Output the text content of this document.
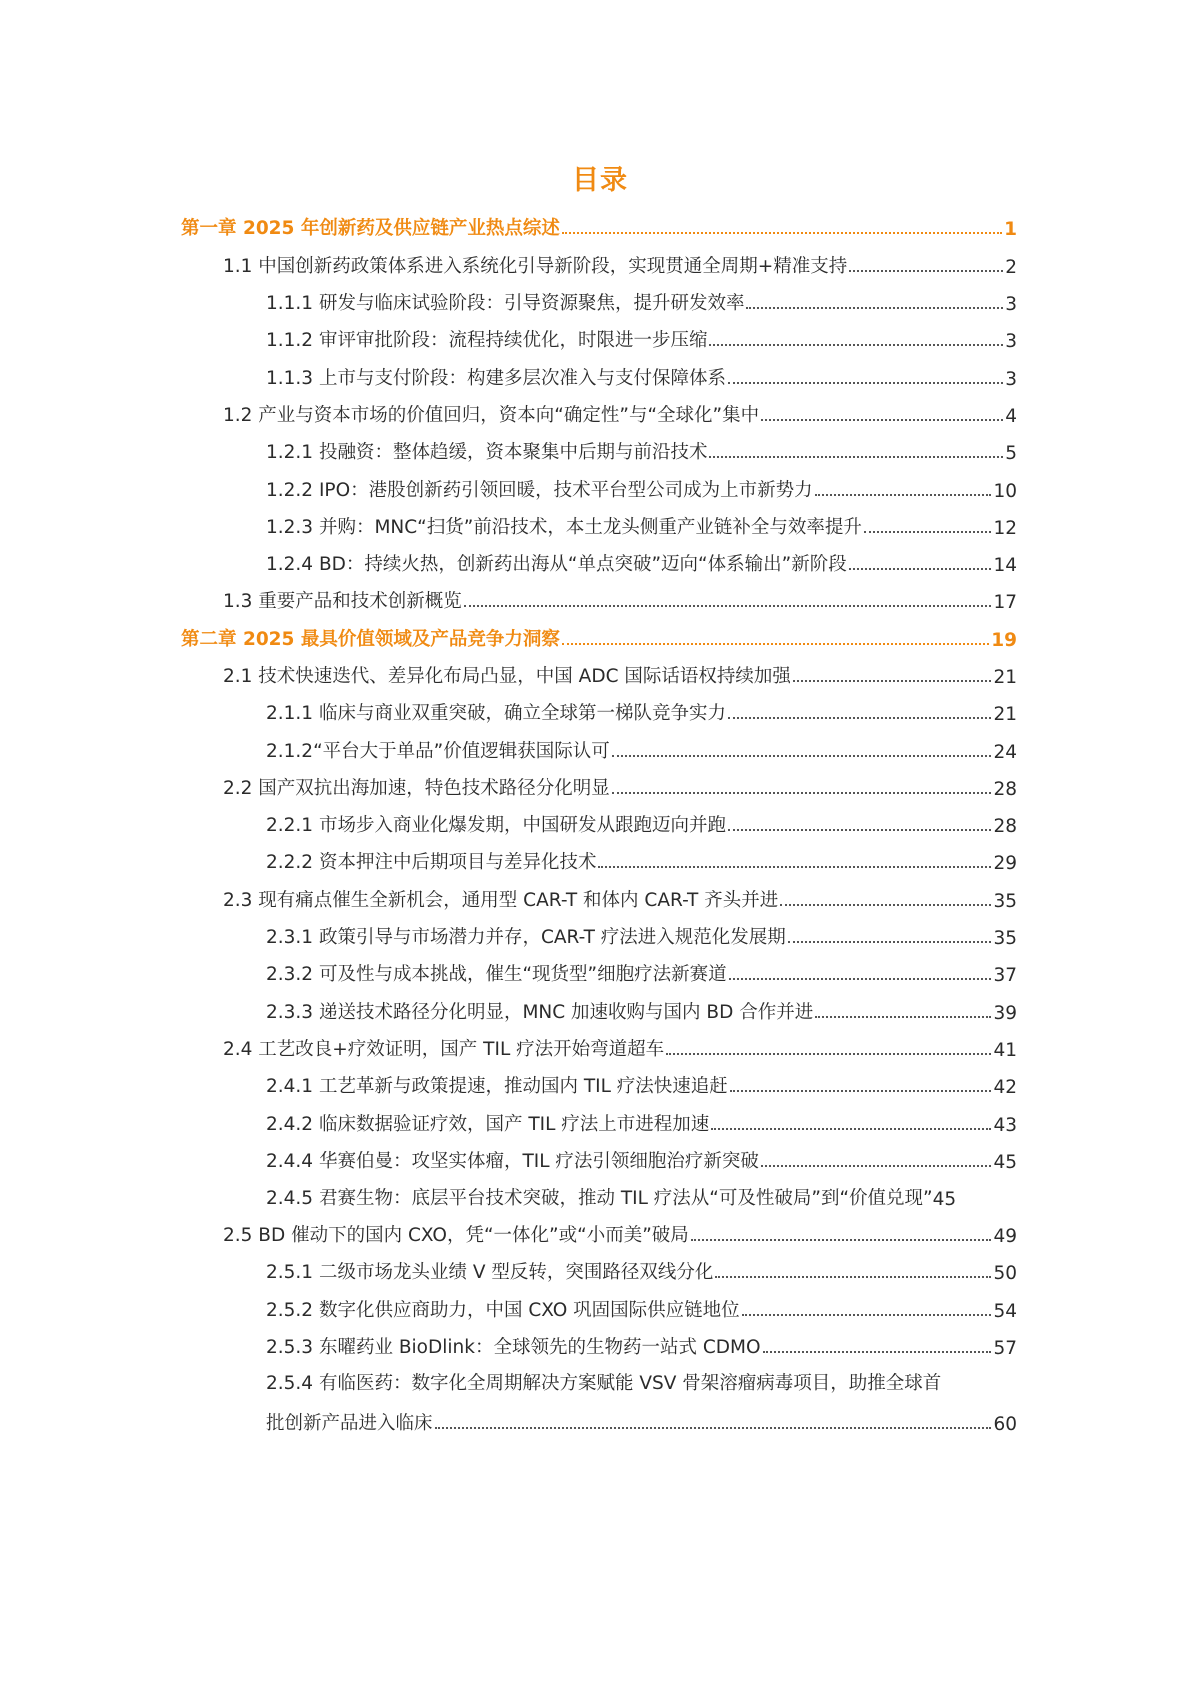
目录
第一章 2025 年创新药及供应链产业热点综述	1
1.1 中国创新药政策体系进入系统化引导新阶段，实现贯通全周期+精准支持	2
1.1.1 研发与临床试验阶段：引导资源聚焦，提升研发效率	3
1.1.2 审评审批阶段：流程持续优化，时限进一步压缩	3
1.1.3 上市与支付阶段：构建多层次准入与支付保障体系	3
1.2 产业与资本市场的价值回归，资本向“确定性”与“全球化”集中	4
1.2.1 投融资：整体趋缓，资本聚集中后期与前沿技术	5
1.2.2 IPO：港股创新药引领回暖，技术平台型公司成为上市新势力	10
1.2.3 并购：MNC“扫货”前沿技术，本土龙头侧重产业链补全与效率提升	12
1.2.4 BD：持续火热，创新药出海从“单点突破”迈向“体系输出”新阶段	14
1.3 重要产品和技术创新概览	17
第二章 2025 最具价值领域及产品竞争力洞察	19
2.1 技术快速迭代、差异化布局凸显，中国 ADC 国际话语权持续加强	21
2.1.1 临床与商业双重突破，确立全球第一梯队竞争实力	21
2.1.2“平台大于单品”价值逻辑获国际认可	24
2.2 国产双抗出海加速，特色技术路径分化明显	28
2.2.1 市场步入商业化爆发期，中国研发从跟跑迈向并跑	28
2.2.2 资本押注中后期项目与差异化技术	29
2.3 现有痛点催生全新机会，通用型 CAR-T 和体内 CAR-T 齐头并进	35
2.3.1 政策引导与市场潜力并存，CAR-T 疗法进入规范化发展期	35
2.3.2 可及性与成本挑战，催生“现货型”细胞疗法新赛道	37
2.3.3 递送技术路径分化明显，MNC 加速收购与国内 BD 合作并进	39
2.4 工艺改良+疗效证明，国产 TIL 疗法开始弯道超车	41
2.4.1 工艺革新与政策提速，推动国内 TIL 疗法快速追赶	42
2.4.2 临床数据验证疗效，国产 TIL 疗法上市进程加速	43
2.4.4 华赛伯曼：攻坚实体瘤，TIL 疗法引领细胞治疗新突破	45
2.4.5 君赛生物：底层平台技术突破，推动 TIL 疗法从“可及性破局”到“价值兑现” 45
2.5 BD 催动下的国内 CXO，凭“一体化”或“小而美”破局	49
2.5.1 二级市场龙头业绩 V 型反转，突围路径双线分化	50
2.5.2 数字化供应商助力，中国 CXO 巩固国际供应链地位	54
2.5.3 东曜药业 BioDlink：全球领先的生物药一站式 CDMO	57
2.5.4 有临医药：数字化全周期解决方案赋能 VSV 骨架溶瘤病毒项目，助推全球首
批创新产品进入临床	60
